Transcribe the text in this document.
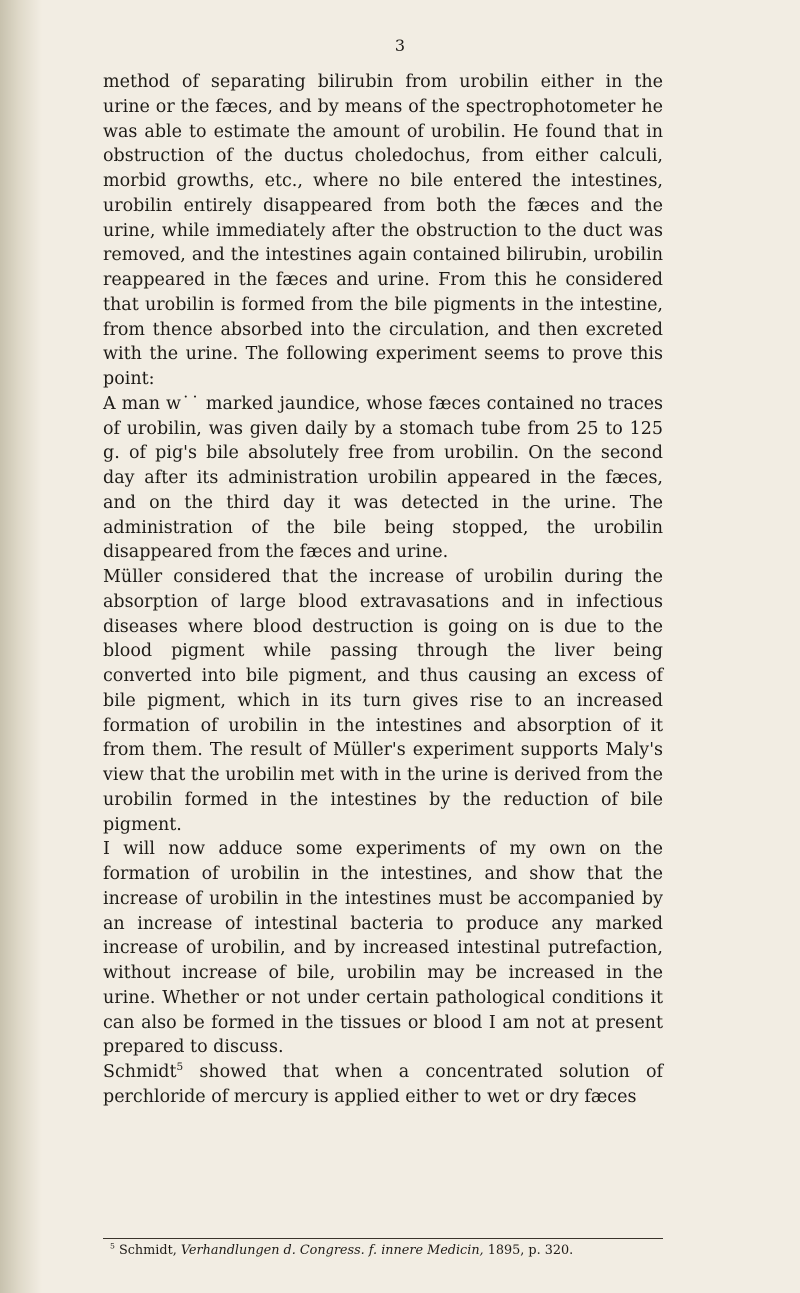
3

method of separating bilirubin from urobilin either in the urine or the fæces, and by means of the spectrophotometer he was able to estimate the amount of urobilin. He found that in obstruction of the ductus choledochus, from either calculi, morbid growths, etc., where no bile entered the intestines, urobilin entirely disappeared from both the fæces and the urine, while immediately after the obstruction to the duct was removed, and the intestines again contained bilirubin, urobilin reappeared in the fæces and urine. From this he considered that urobilin is formed from the bile pigments in the intestine, from thence absorbed into the circulation, and then excreted with the urine. The following experiment seems to prove this point:

A man w˙˙ marked jaundice, whose fæces contained no traces of urobilin, was given daily by a stomach tube from 25 to 125 g. of pig's bile absolutely free from urobilin. On the second day after its administration urobilin appeared in the fæces, and on the third day it was detected in the urine. The administration of the bile being stopped, the urobilin disappeared from the fæces and urine.

Müller considered that the increase of urobilin during the absorption of large blood extravasations and in infectious diseases where blood destruction is going on is due to the blood pigment while passing through the liver being converted into bile pigment, and thus causing an excess of bile pigment, which in its turn gives rise to an increased formation of urobilin in the intestines and absorption of it from them. The result of Müller's experiment supports Maly's view that the urobilin met with in the urine is derived from the urobilin formed in the intestines by the reduction of bile pigment.

I will now adduce some experiments of my own on the formation of urobilin in the intestines, and show that the increase of urobilin in the intestines must be accompanied by an increase of intestinal bacteria to produce any marked increase of urobilin, and by increased intestinal putrefaction, without increase of bile, urobilin may be increased in the urine. Whether or not under certain pathological conditions it can also be formed in the tissues or blood I am not at present prepared to discuss.

Schmidt$^5$ showed that when a concentrated solution of perchloride of mercury is applied either to wet or dry fæces

$^5$ Schmidt, Verhandlungen d. Congress. f. innere Medicin, 1895, p. 320.
